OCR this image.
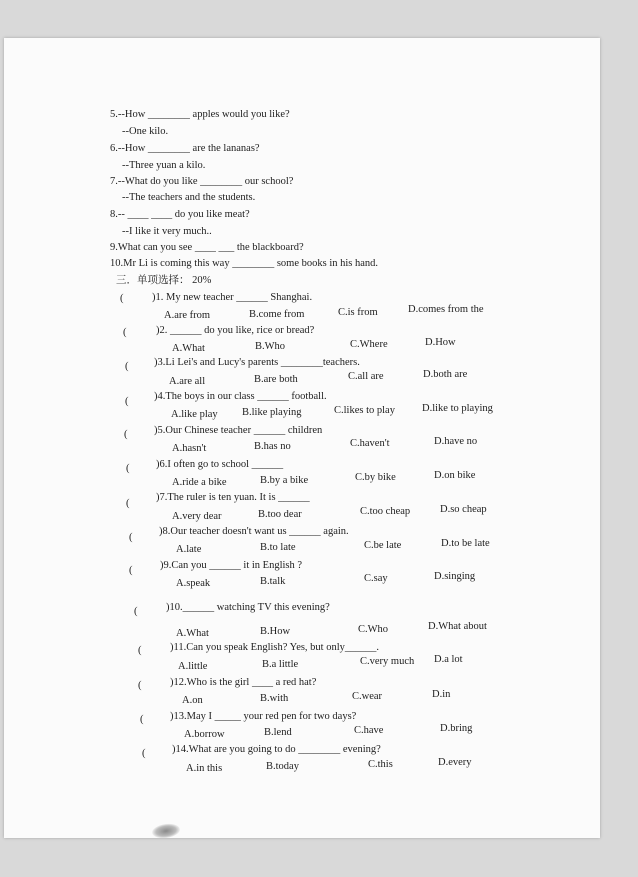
5.--How ________ apples would you like?
--One kilo.
6.--How ________ are the lananas?
--Three yuan a kilo.
7.--What do you like ________ our school?
--The teachers and the students.
8.-- ____ ____ do you like meat?
--I like it very much..
9.What can you see ____ ___ the blackboard?
10.Mr Li is coming this way ________ some books in his hand.
三．单项选择： 20%
(	)1. My new teacher ______ Shanghai.
A.are from	B.come from	C.is from	D.comes from the
(	)2. ______ do you like, rice or bread?
A.What	B.Who	C.Where	D.How
( )3.Li Lei's and Lucy's parents ________teachers.
A.are all	B.are both	C.all are	D.both are
( )4.The boys in our class ______ football.
A.like play B.like playing	C.likes to play	D.like to playing
(	)5.Our Chinese teacher ______ children
A.hasn't	B.has no	C.haven't	D.have no
(	)6.I often go to school ______
A.ride a bike	B.by a bike	C.by bike	D.on bike
(
)7.The ruler is ten yuan. It is ______
A.very dear	B.too dear	C.too cheap	D.so cheap
(
)8.Our teacher doesn't want us ______ again.
A.late	B.to late	C.be late	D.to be late
(	)9.Can you ______ it in English ?
A.speak	B.talk	C.say	D.singing
(	)10.______ watching TV this evening?
A.What	B.How	C.Who	D.What about
(	)11.Can you speak English? Yes, but only______.
A.little	B.a little	C.very much D.a lot
(	)12.Who is the girl ____ a red hat?
A.on	B.with	C.wear	D.in
(	)13.May I _____ your red pen for two days?
A.borrow	B.lend	C.have	D.bring
(	)14.What are you going to do ________ evening?
A.in this	B.today	C.this	D.every
